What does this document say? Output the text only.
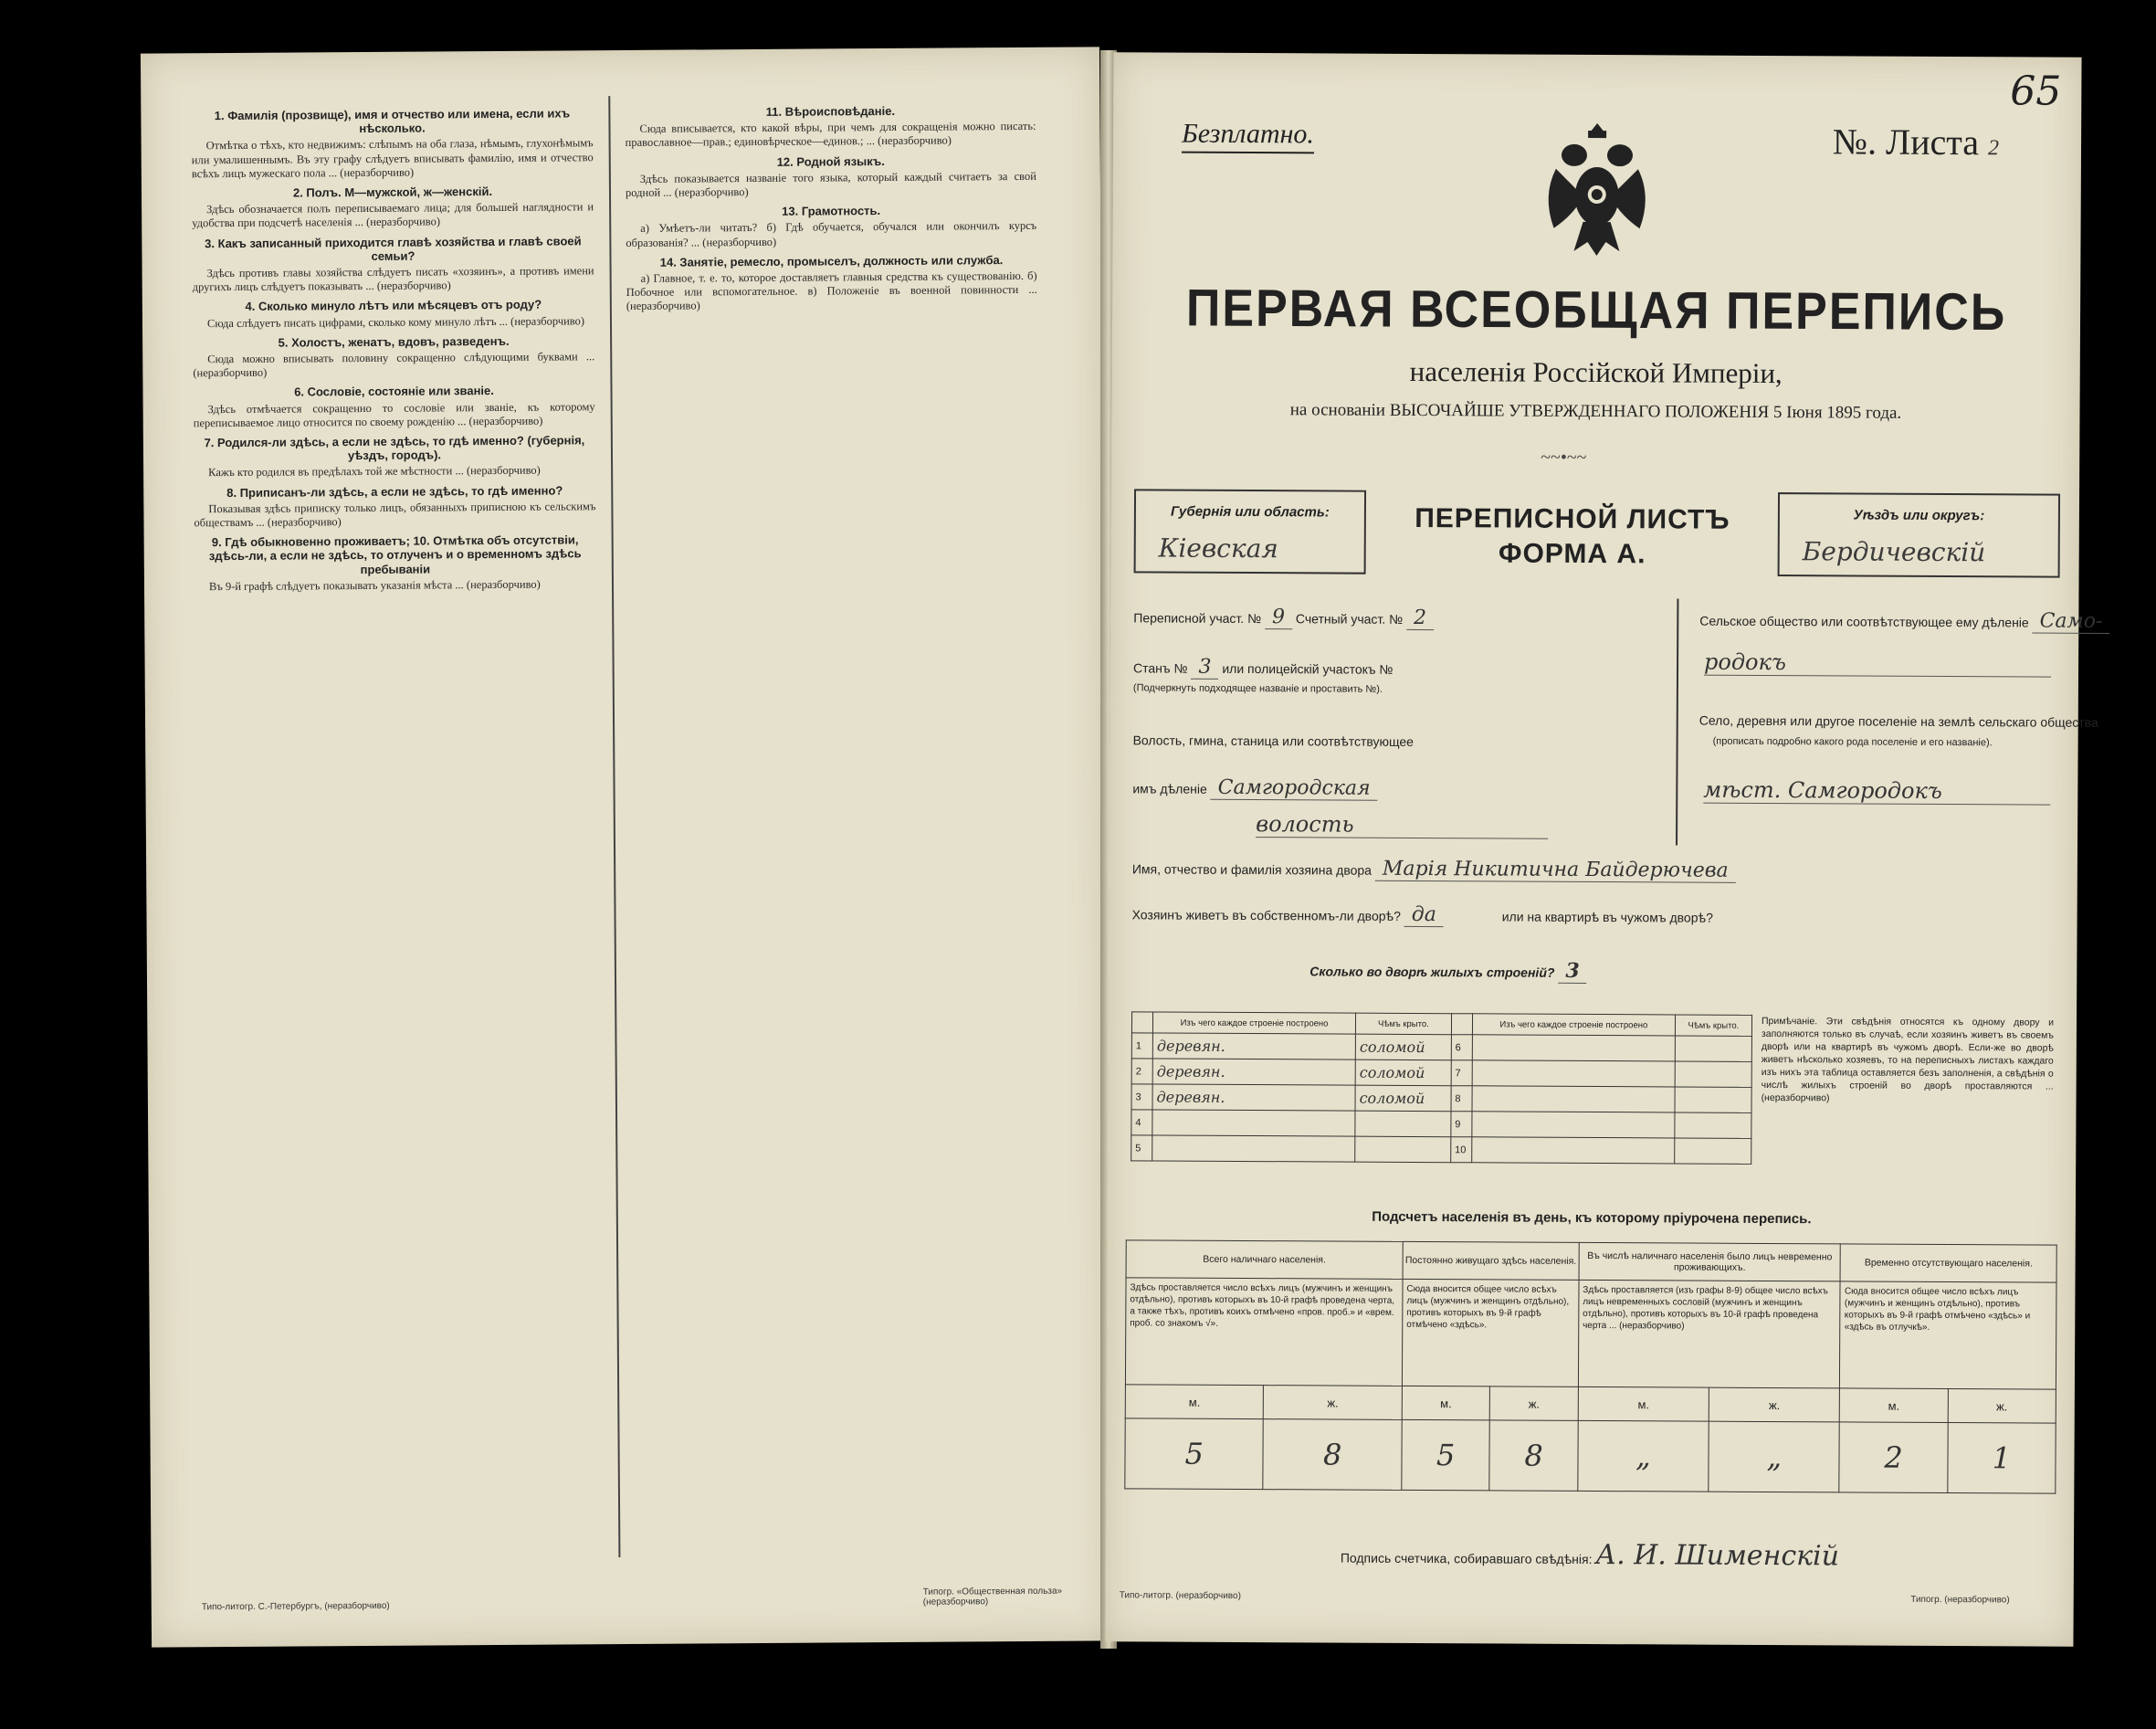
1. Фамилія (прозвище), имя и отчество или имена, если ихъ нѣсколько.

Отмѣтка о тѣхъ, кто недвижимъ: слѣпымъ на оба глаза, нѣмымъ, глухонѣмымъ или умалишеннымъ. Въ эту графу слѣдуетъ вписывать фамилію, имя и отчество всѣхъ лицъ мужескаго пола ... (неразборчиво)

2. Полъ. М—мужской, ж—женскій.

Здѣсь обозначается полъ переписываемаго лица; для большей наглядности и удобства при подсчетѣ населенія ... (неразборчиво)

3. Какъ записанный приходится главѣ хозяйства и главѣ своей семьи?

Здѣсь противъ главы хозяйства слѣдуетъ писать «хозяинъ», а противъ имени другихъ лицъ слѣдуетъ показывать ... (неразборчиво)

4. Сколько минуло лѣтъ или мѣсяцевъ отъ роду?

Сюда слѣдуетъ писать цифрами, сколько кому минуло лѣтъ ... (неразборчиво)

5. Холостъ, женатъ, вдовъ, разведенъ.

Сюда можно вписывать половину сокращенно слѣдующими буквами ... (неразборчиво)

6. Сословіе, состояніе или званіе.

Здѣсь отмѣчается сокращенно то сословіе или званіе, къ которому переписываемое лицо относится по своему рожденію ... (неразборчиво)

7. Родился-ли здѣсь, а если не здѣсь, то гдѣ именно? (губернія, уѣздъ, городъ).

Кажъ кто родился въ предѣлахъ той же мѣстности ... (неразборчиво)

8. Приписанъ-ли здѣсь, а если не здѣсь, то гдѣ именно?

Показывая здѣсь приписку только лицъ, обязанныхъ приписною къ сельскимъ обществамъ ... (неразборчиво)

9. Гдѣ обыкновенно проживаетъ; 10. Отмѣтка объ отсутствіи, здѣсь-ли, а если не здѣсь, то отлученъ и о временномъ здѣсь пребываніи

Въ 9-й графѣ слѣдуетъ показывать указанія мѣста ... (неразборчиво)

11. Вѣроисповѣданіе.

Сюда вписывается, кто какой вѣры, при чемъ для сокращенія можно писать: православное—прав.; единовѣрческое—единов.; ... (неразборчиво)

12. Родной языкъ.

Здѣсь показывается названіе того языка, который каждый считаетъ за свой родной ... (неразборчиво)

13. Грамотность.

а) Умѣетъ-ли читать? б) Гдѣ обучается, обучался или окончилъ курсъ образованія? ... (неразборчиво)

14. Занятіе, ремесло, промыселъ, должность или служба.

а) Главное, т. е. то, которое доставляетъ главныя средства къ существованію. б) Побочное или вспомогательное. в) Положеніе въ военной повинности ... (неразборчиво)

Типо-литогр. С.-Петербургъ, (неразборчиво)
Типогр. «Общественная польза» (неразборчиво)
65
Безплатно.	№. Листа 2
ПЕРВАЯ ВСЕОБЩАЯ ПЕРЕПИСЬ
населенія Россійской Имперіи,
на основаніи ВЫСОЧАЙШЕ УТВЕРЖДЕННАГО ПОЛОЖЕНІЯ 5 Іюня 1895 года.
~~•~~
Губернія или область:
Кіевская
ПЕРЕПИСНОЙ ЛИСТЪ
ФОРМА А.
Уѣздъ или округъ:
Бердичевскій
Переписной участ. № 9 Счетный участ. № 2
Станъ № 3 или полицейскій участокъ №
(Подчеркнуть подходящее названіе и проставить №).
Волость, гмина, станица или соотвѣтствующее
имъ дѣленіе Самгородская
волость
Сельское общество или соотвѣтствующее ему дѣленіе Само-
родокъ
Село, деревня или другое поселеніе на землѣ сельскаго общества
(прописать подробно какого рода поселеніе и его названіе).
мѣст. Самгородокъ
Имя, отчество и фамилія хозяина двора Марія Никитична Байдерючева
Хозяинъ живетъ въ собственномъ-ли дворѣ? да	или на квартирѣ въ чужомъ дворѣ?
Сколько во дворѣ жилыхъ строеній? 3
	Изъ чего каждое строеніе построено	Чѣмъ крыто.		Изъ чего каждое строеніе построено	Чѣмъ крыто.
1	деревян.	соломой	6		
2	деревян.	соломой	7		
3	деревян.	соломой	8		
4			9		
5			10		
Примѣчаніе. Эти свѣдѣнія относятся къ одному двору и заполняются только въ случаѣ, если хозяинъ живетъ въ своемъ дворѣ или на квартирѣ въ чужомъ дворѣ. Если-же во дворѣ живетъ нѣсколько хозяевъ, то на переписныхъ листахъ каждаго изъ нихъ эта таблица оставляется безъ заполненія, а свѣдѣнія о числѣ жилыхъ строеній во дворѣ проставляются ... (неразборчиво)
Подсчетъ населенія въ день, къ которому пріурочена перепись.
Всего наличнаго населенія.		Постоянно живущаго здѣсь населенія.		Въ числѣ наличнаго населенія было лицъ невременно проживающихъ.		Временно отсутствующаго населенія.	
Здѣсь проставляется число всѣхъ лицъ (мужчинъ и женщинъ отдѣльно), противъ которыхъ въ 10-й графѣ проведена черта, а также тѣхъ, противъ коихъ отмѣчено «пров. проб.» и «врем. проб. со знакомъ √».		Сюда вносится общее число всѣхъ лицъ (мужчинъ и женщинъ отдѣльно), противъ которыхъ въ 9-й графѣ отмѣчено «здѣсь».		Здѣсь проставляется (изъ графы 8-9) общее число всѣхъ лицъ невременныхъ сословій (мужчинъ и женщинъ отдѣльно), противъ которыхъ въ 10-й графѣ проведена черта ... (неразборчиво)		Сюда вносится общее число всѣхъ лицъ (мужчинъ и женщинъ отдѣльно), противъ которыхъ въ 9-й графѣ отмѣчено «здѣсь» и «здѣсь въ отлучкѣ».	
м.	ж.	м.	ж.	м.	ж.	м.	ж.
5	8	5	8	„	„	2	1
Подпись счетчика, собиравшаго свѣдѣнія: А. И. Шименскій
Типо-литогр. (неразборчиво)	Типогр. (неразборчиво)
